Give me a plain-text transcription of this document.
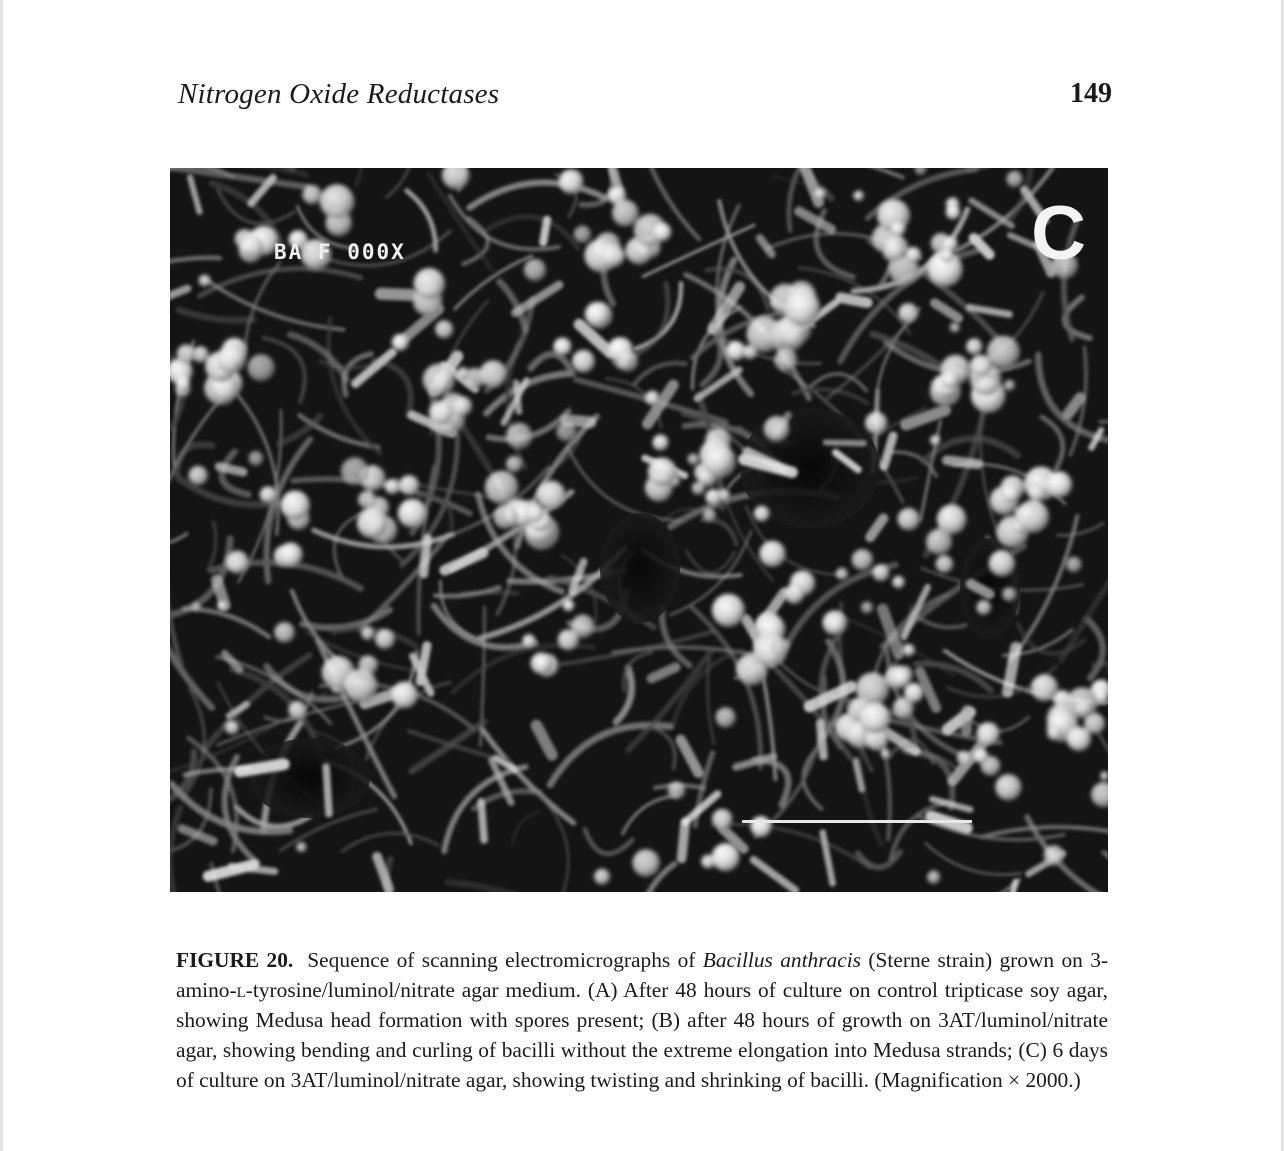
Nitrogen Oxide Reductases	149
BA F 000X	C
FIGURE 20. Sequence of scanning electromicrographs of Bacillus anthracis (Sterne strain) grown on 3-amino-l-tyrosine/luminol/nitrate agar medium. (A) After 48 hours of culture on control tripticase soy agar, showing Medusa head formation with spores present; (B) after 48 hours of growth on 3AT/luminol/nitrate agar, showing bending and curling of bacilli without the extreme elongation into Medusa strands; (C) 6 days of culture on 3AT/luminol/nitrate agar, showing twisting and shrinking of bacilli. (Magnification × 2000.)
